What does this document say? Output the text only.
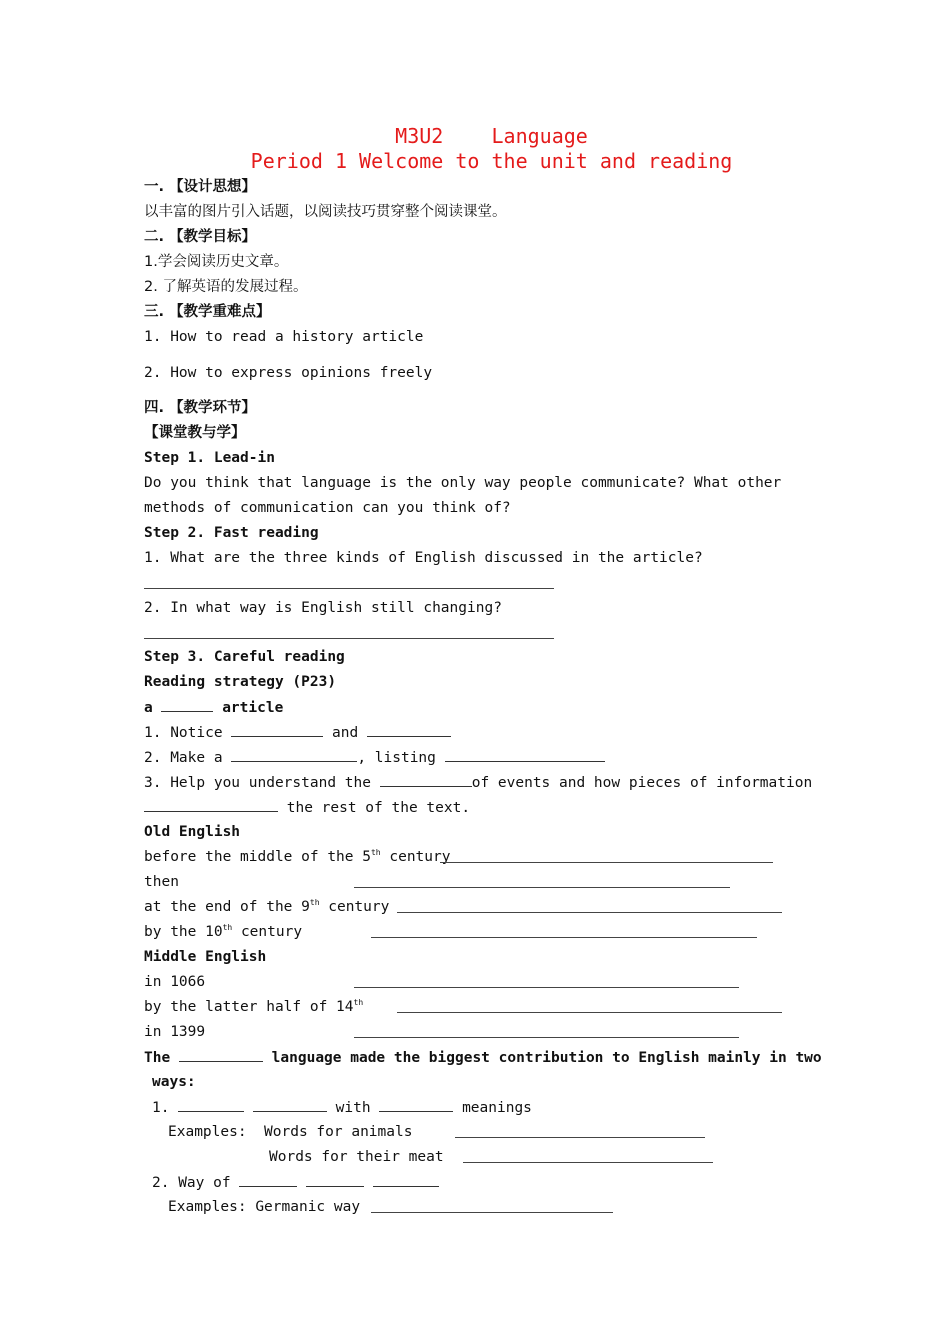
M3U2    Language
Period 1 Welcome to the unit and reading
一. 【设计思想】
以丰富的图片引入话题，以阅读技巧贯穿整个阅读课堂。
二. 【教学目标】
1.学会阅读历史文章。
2. 了解英语的发展过程。
三. 【教学重难点】
1. How to read a history article
2. How to express opinions freely
四. 【教学环节】
【课堂教与学】
Step 1. Lead-in
Do you think that language is the only way people communicate? What other
methods of communication can you think of?
Step 2. Fast reading
1. What are the three kinds of English discussed in the article?
2. In what way is English still changing?
Step 3. Careful reading
Reading strategy (P23)
a	article
1. Notice	and
2. Make a	, listing
3. Help you understand the	of events and how pieces of information
the rest of the text.
Old English
before the middle of the 5th century
then
at the end of the 9th century
by the 10th century
Middle English
in 1066
by the latter half of 14th
in 1399
The	language made the biggest contribution to English mainly in two
ways:
1.	with	meanings
Examples: Words for animals
Words for their meat
2. Way of
Examples: Germanic way
